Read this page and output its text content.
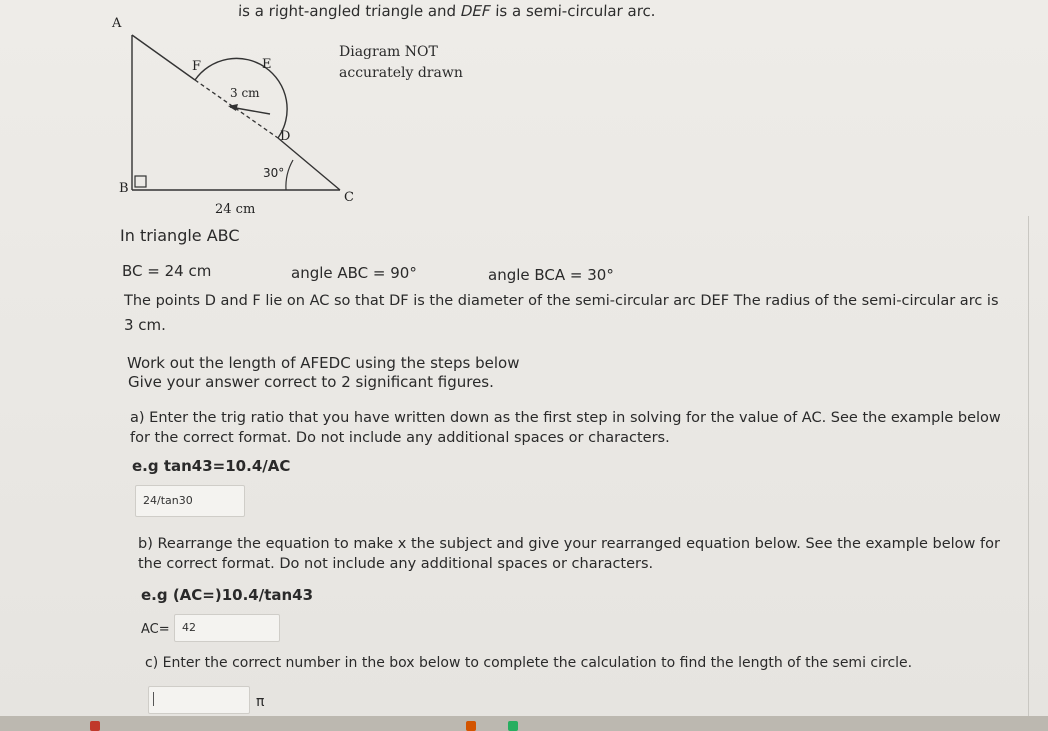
is a right-angled triangle and DEF is a semi-circular arc.
A
B
C
D
E
F
3 cm
30°
24 cm
Diagram NOT
accurately drawn
In triangle ABC
BC = 24 cm	angle ABC = 90°	angle BCA = 30°
The points D and F lie on AC so that DF is the diameter of the semi-circular arc DEF The radius of the semi-circular arc is
3 cm.
Work out the length of AFEDC using the steps below
Give your answer correct to 2 significant figures.
a) Enter the trig ratio that you have written down as the first step in solving for the value of AC. See the example below
for the correct format. Do not include any additional spaces or characters.
e.g tan43=10.4/AC
24/tan30
b) Rearrange the equation to make x the subject and give your rearranged equation below. See the example below for
the correct format. Do not include any additional spaces or characters.
e.g (AC=)10.4/tan43
AC= 42
c) Enter the correct number in the box below to complete the calculation to find the length of the semi circle.
π
